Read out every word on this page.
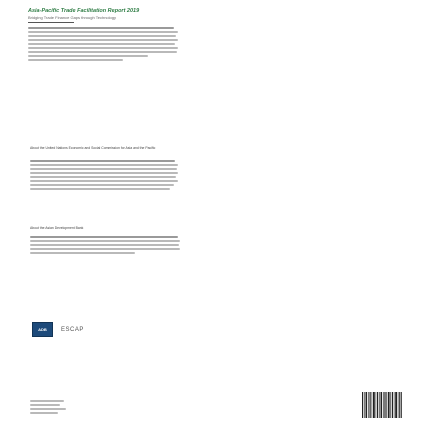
Asia-Pacific Trade Facilitation Report 2019
Bridging Trade Finance Gaps through Technology
About the United Nations Economic and Social Commission for Asia and the Pacific
About the Asian Development Bank
ADB	ESCAP
